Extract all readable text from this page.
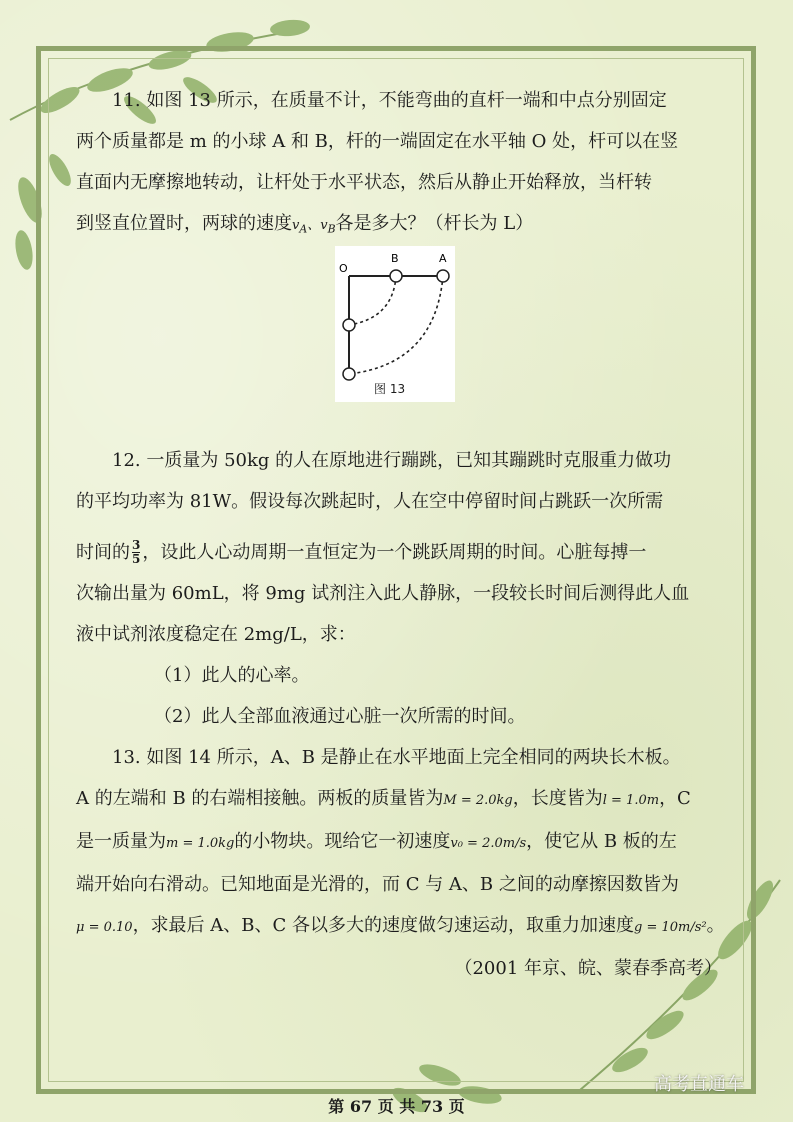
11. 如图 13 所示，在质量不计，不能弯曲的直杆一端和中点分别固定

两个质量都是 m 的小球 A 和 B，杆的一端固定在水平轴 O 处，杆可以在竖

直面内无摩擦地转动，让杆处于水平状态，然后从静止开始释放，当杆转

到竖直位置时，两球的速度$v_A$、$v_B$各是多大？（杆长为 L）

12. 一质量为 50kg 的人在原地进行蹦跳，已知其蹦跳时克服重力做功

的平均功率为 81W。假设每次跳起时，人在空中停留时间占跳跃一次所需

时间的 $\frac{3}{5}$ ，设此人心动周期一直恒定为一个跳跃周期的时间。心脏每搏一

次输出量为 60mL，将 9mg 试剂注入此人静脉，一段较长时间后测得此人血

液中试剂浓度稳定在 2mg/L，求：

（1）此人的心率。

（2）此人全部血液通过心脏一次所需的时间。

13. 如图 14 所示，A、B 是静止在水平地面上完全相同的两块长木板。

A 的左端和 B 的右端相接触。两板的质量皆为M = 2.0kg，长度皆为l = 1.0m，C

是一质量为m = 1.0kg的小物块。现给它一初速度v₀ = 2.0m/s，使它从 B 板的左

端开始向右滑动。已知地面是光滑的，而 C 与 A、B 之间的动摩擦因数皆为

μ = 0.10，求最后 A、B、C 各以多大的速度做匀速运动，取重力加速度g = 10m/s²。

（2001 年京、皖、蒙春季高考）

O
B	A
图 13
第 67 页 共 73 页
高考直通车
